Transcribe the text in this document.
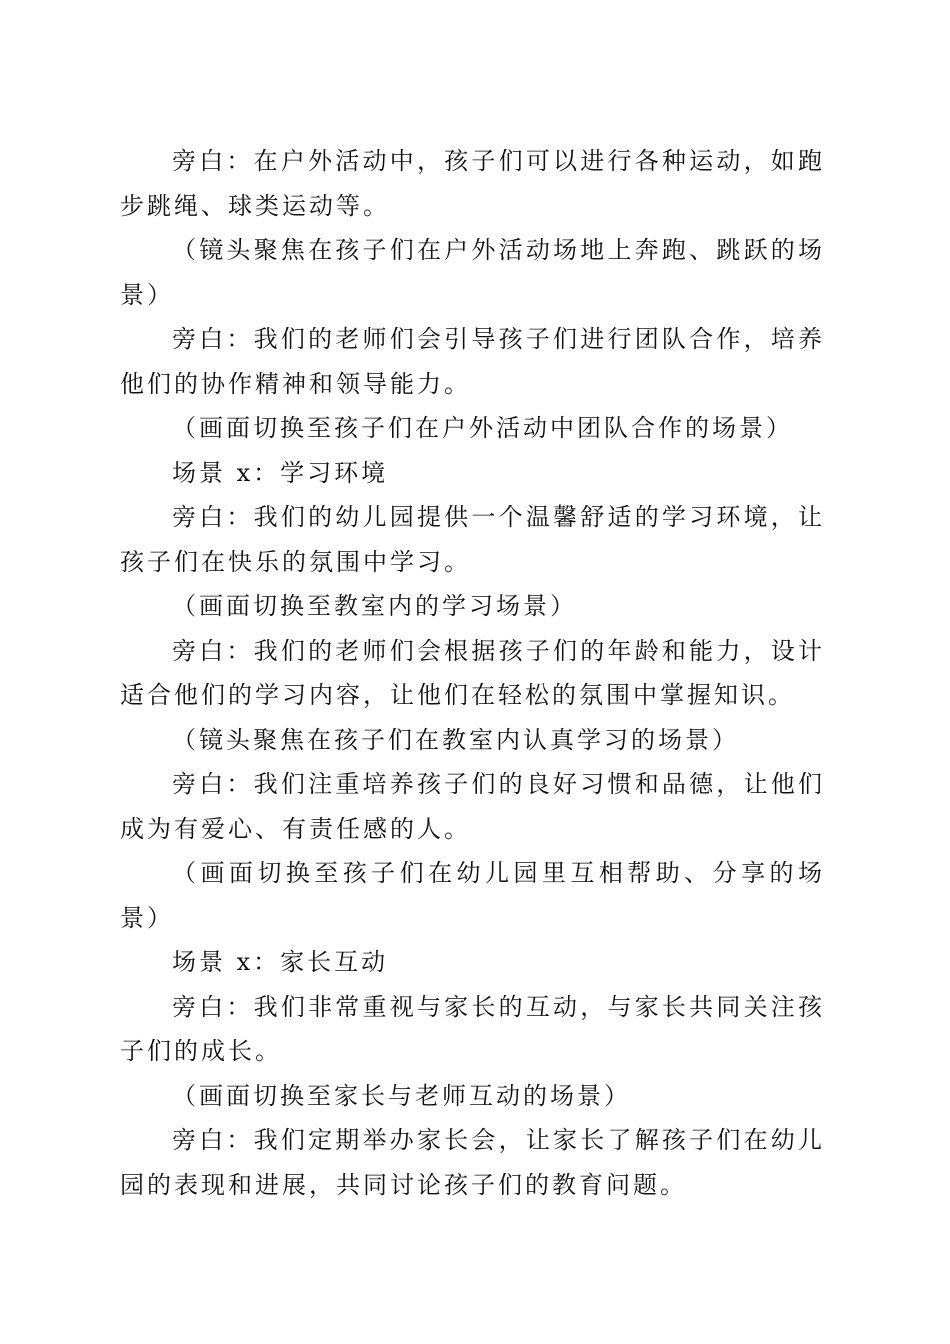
旁白：在户外活动中，孩子们可以进行各种运动，如跑步跳绳、球类运动等。

（镜头聚焦在孩子们在户外活动场地上奔跑、跳跃的场景）

旁白：我们的老师们会引导孩子们进行团队合作，培养他们的协作精神和领导能力。

（画面切换至孩子们在户外活动中团队合作的场景）

场景 x：学习环境

旁白：我们的幼儿园提供一个温馨舒适的学习环境，让孩子们在快乐的氛围中学习。

（画面切换至教室内的学习场景）

旁白：我们的老师们会根据孩子们的年龄和能力，设计适合他们的学习内容，让他们在轻松的氛围中掌握知识。

（镜头聚焦在孩子们在教室内认真学习的场景）

旁白：我们注重培养孩子们的良好习惯和品德，让他们成为有爱心、有责任感的人。

（画面切换至孩子们在幼儿园里互相帮助、分享的场景）

场景 x：家长互动

旁白：我们非常重视与家长的互动，与家长共同关注孩子们的成长。

（画面切换至家长与老师互动的场景）

旁白：我们定期举办家长会，让家长了解孩子们在幼儿园的表现和进展，共同讨论孩子们的教育问题。
